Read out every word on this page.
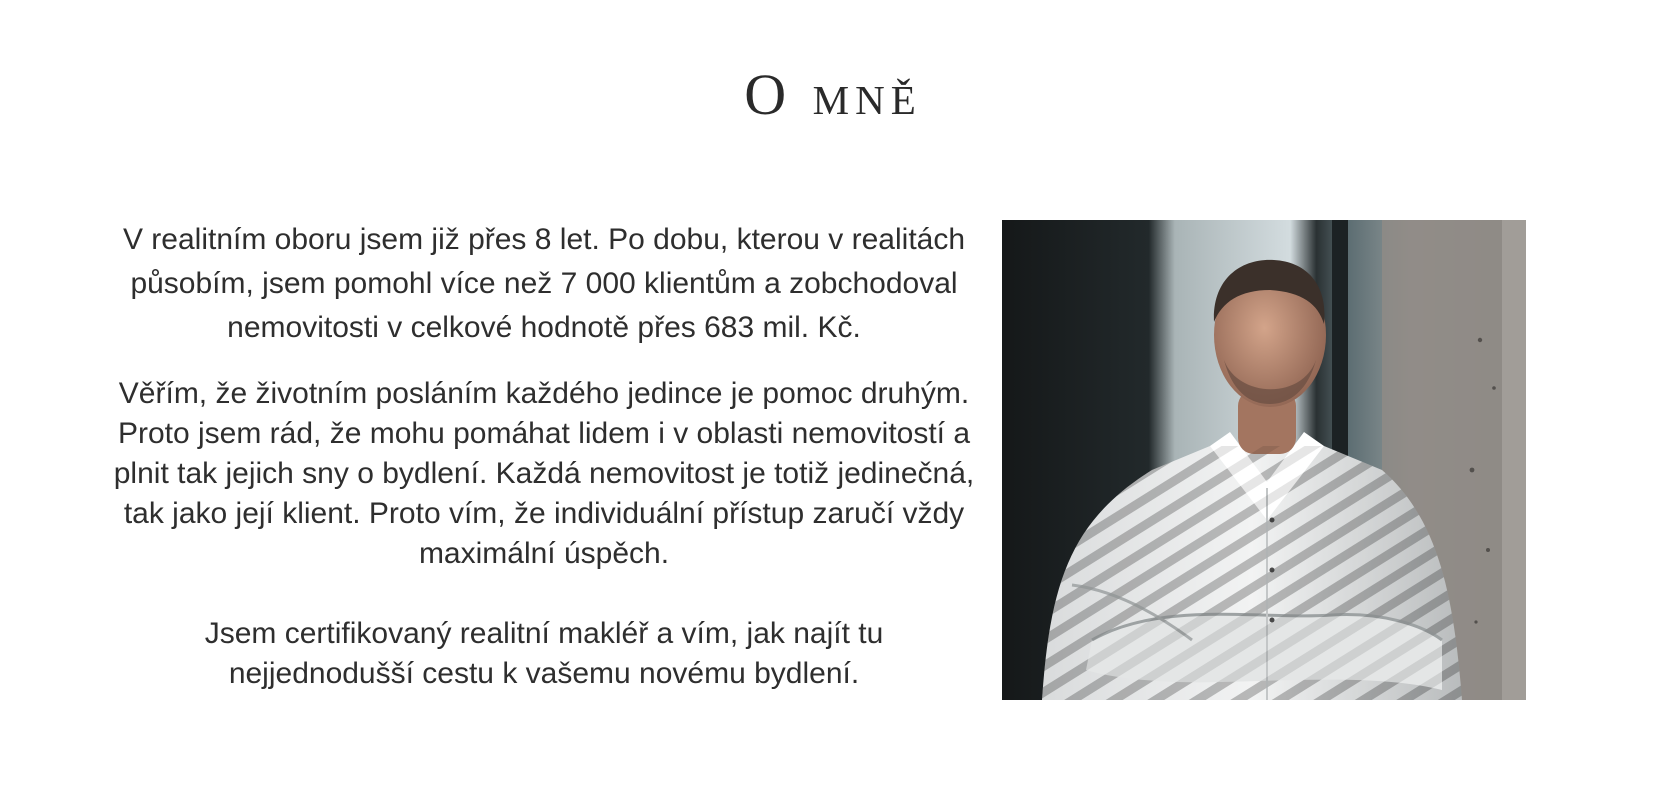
O mně

V realitním oboru jsem již přes 8 let. Po dobu, kterou v realitách působím, jsem pomohl více než 7 000 klientům a zobchodoval nemovitosti v celkové hodnotě přes 683 mil. Kč.

Věřím, že životním posláním každého jedince je pomoc druhým. Proto jsem rád, že mohu pomáhat lidem i v oblasti nemovitostí a plnit tak jejich sny o bydlení. Každá nemovitost je totiž jedinečná, tak jako její klient. Proto vím, že individuální přístup zaručí vždy maximální úspěch.

Jsem certifikovaný realitní makléř a vím, jak najít tu nejjednodušší cestu k vašemu novému bydlení.
